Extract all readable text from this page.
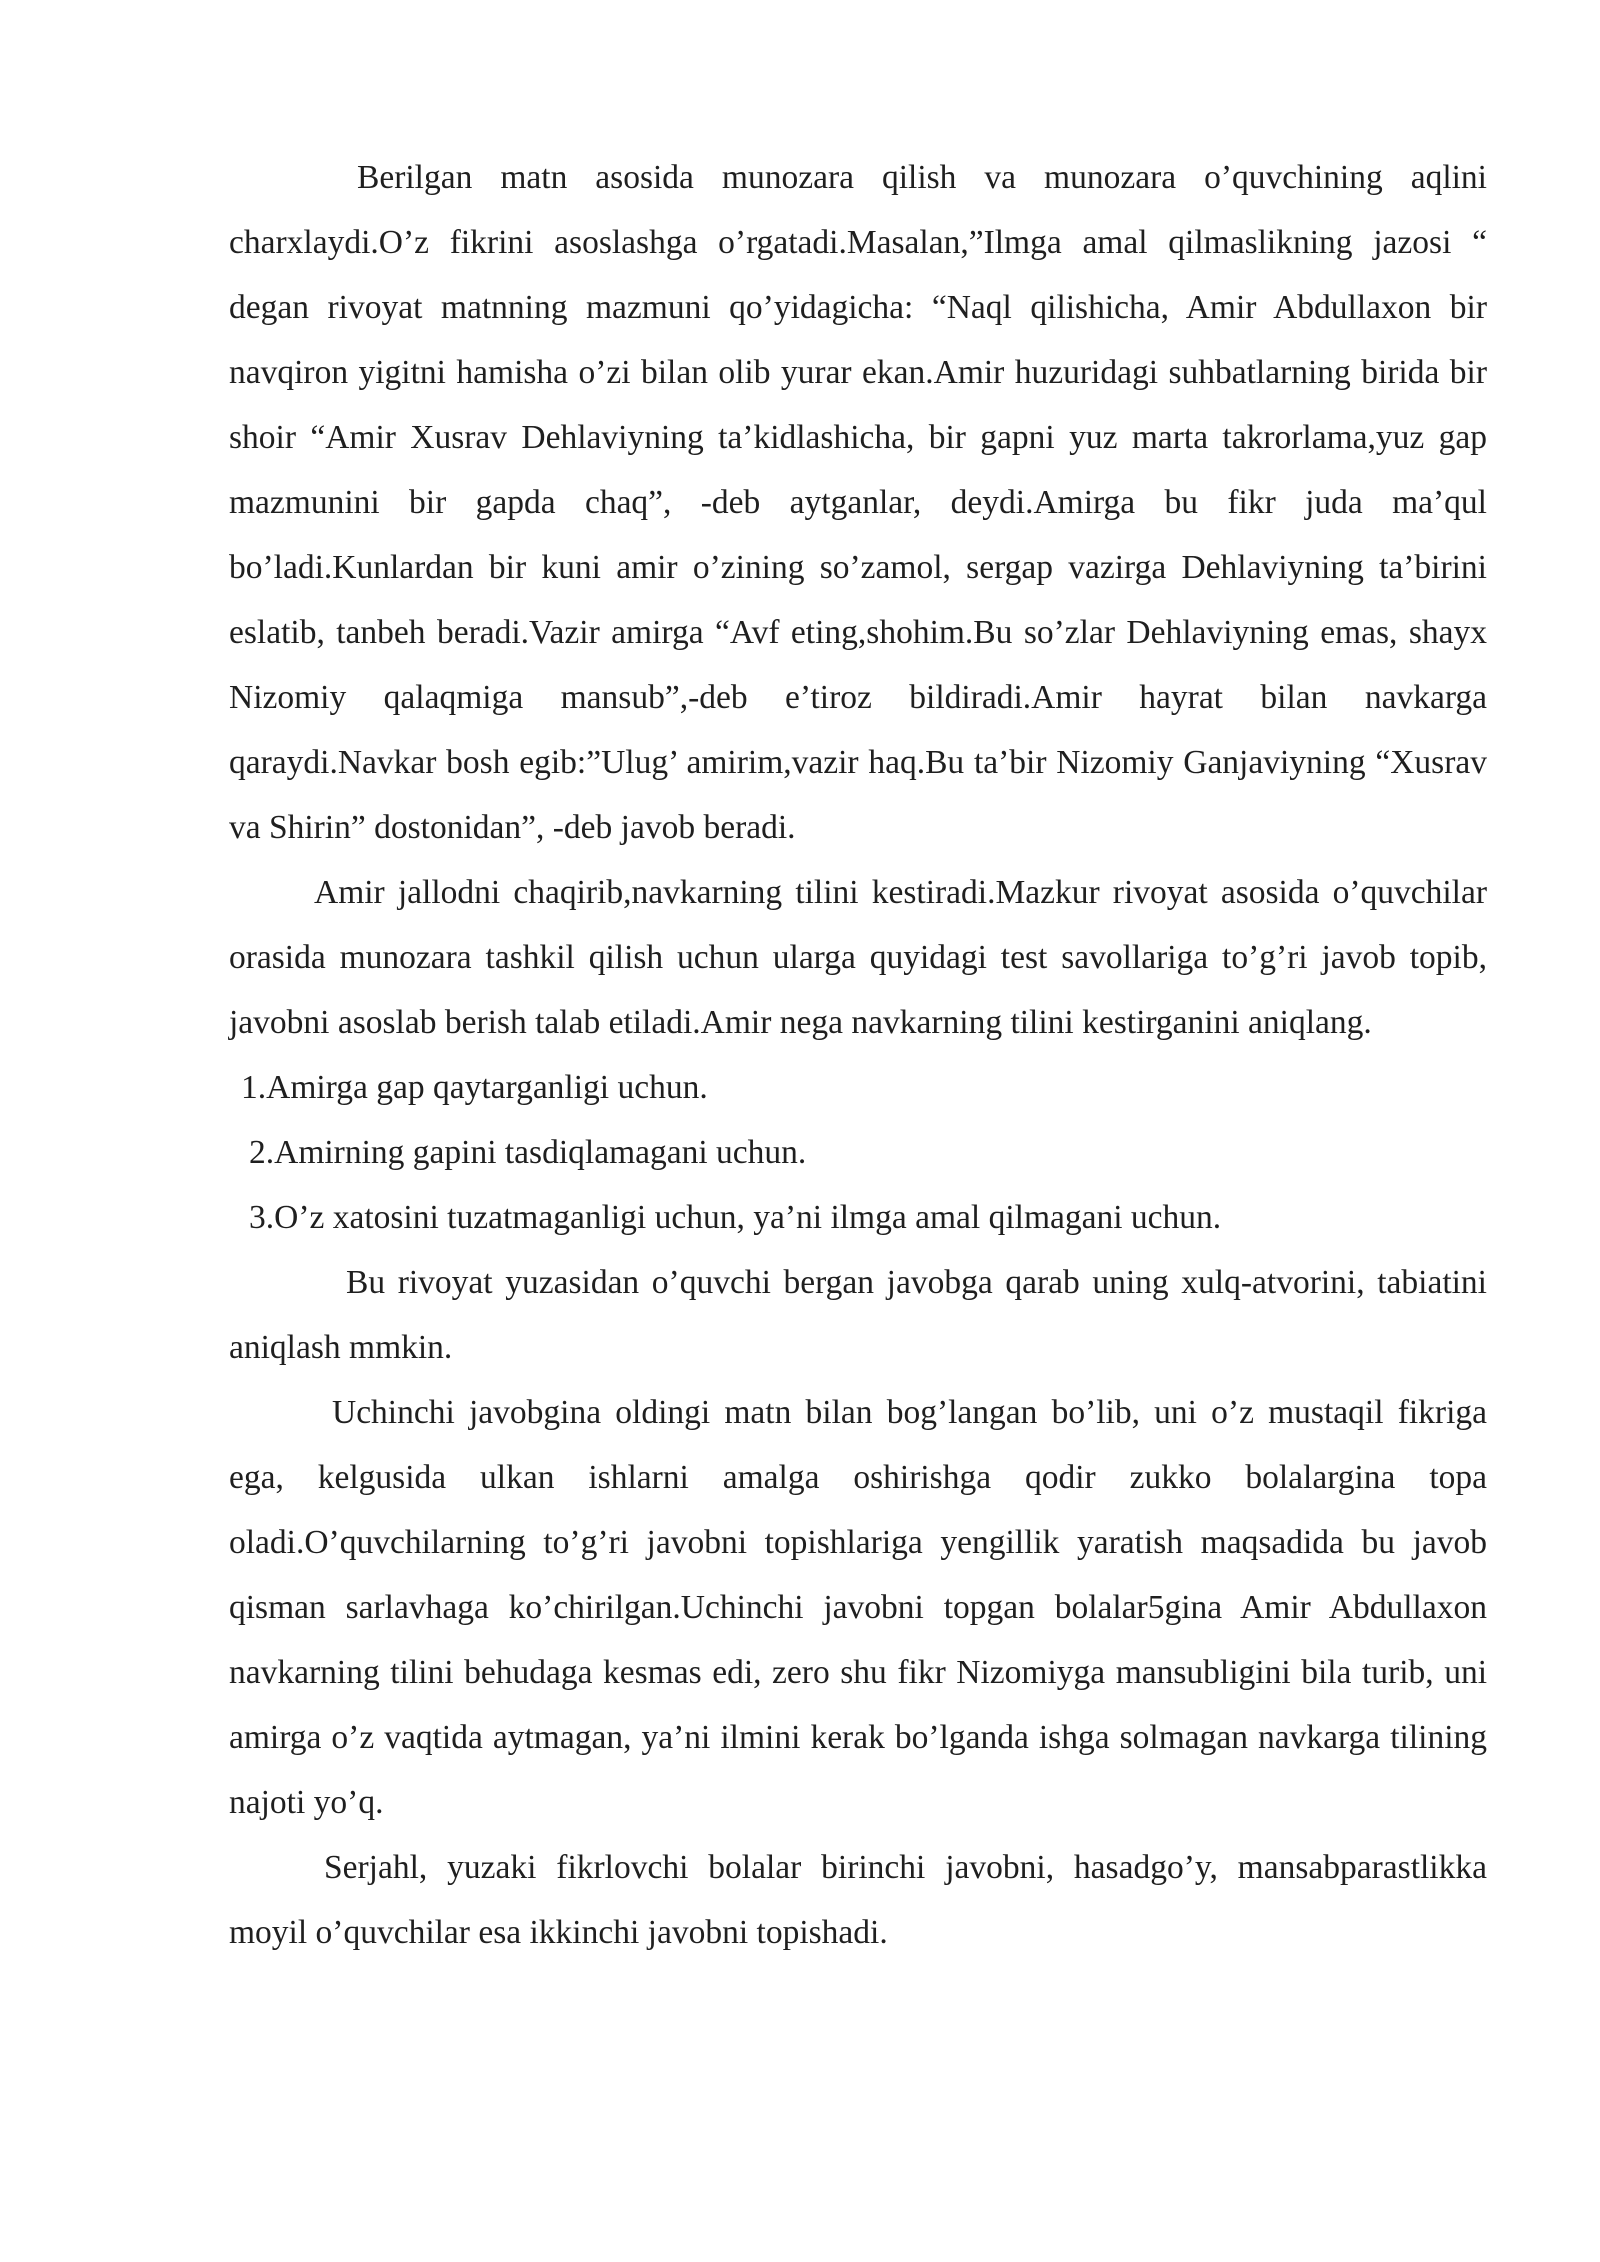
Berilgan matn asosida munozara qilish va munozara o’quvchining aqlini charxlaydi.O’z fikrini asoslashga o’rgatadi.Masalan,”Ilmga amal qilmaslikning jazosi “ degan rivoyat matnning mazmuni qo’yidagicha: “Naql qilishicha, Amir Abdullaxon bir navqiron yigitni hamisha o’zi bilan olib yurar ekan.Amir huzuridagi suhbatlarning birida bir shoir “Amir Xusrav Dehlaviyning ta’kidlashicha, bir gapni yuz marta takrorlama,yuz gap mazmunini bir gapda chaq”, -deb aytganlar, deydi.Amirga bu fikr juda ma’qul bo’ladi.Kunlardan bir kuni amir o’zining so’zamol, sergap vazirga Dehlaviyning ta’birini eslatib, tanbeh beradi.Vazir amirga “Avf eting,shohim.Bu so’zlar Dehlaviyning emas, shayx Nizomiy qalaqmiga mansub”,-deb e’tiroz bildiradi.Amir hayrat bilan navkarga qaraydi.Navkar bosh egib:”Ulug’ amirim,vazir haq.Bu ta’bir Nizomiy Ganjaviyning “Xusrav va Shirin” dostonidan”, -deb javob beradi.

Amir jallodni chaqirib,navkarning tilini kestiradi.Mazkur rivoyat asosida o’quvchilar orasida munozara tashkil qilish uchun ularga quyidagi test savollariga to’g’ri javob topib, javobni asoslab berish talab etiladi.Amir nega navkarning tilini kestirganini aniqlang.

1.Amirga gap qaytarganligi uchun.

2.Amirning gapini tasdiqlamagani uchun.

3.O’z xatosini tuzatmaganligi uchun, ya’ni ilmga amal qilmagani uchun.

Bu rivoyat yuzasidan o’quvchi bergan javobga qarab uning xulq-atvorini, tabiatini aniqlash mmkin.

Uchinchi javobgina oldingi matn bilan bog’langan bo’lib, uni o’z mustaqil fikriga ega, kelgusida ulkan ishlarni amalga oshirishga qodir zukko bolalargina topa oladi.O’quvchilarning to’g’ri javobni topishlariga yengillik yaratish maqsadida bu javob qisman sarlavhaga ko’chirilgan.Uchinchi javobni topgan bolalar5gina Amir Abdullaxon navkarning tilini behudaga kesmas edi, zero shu fikr Nizomiyga mansubligini bila turib, uni amirga o’z vaqtida aytmagan, ya’ni ilmini kerak bo’lganda ishga solmagan navkarga tilining najoti yo’q.

Serjahl, yuzaki fikrlovchi bolalar birinchi javobni, hasadgo’y, mansabparastlikka moyil o’quvchilar esa ikkinchi javobni topishadi.
